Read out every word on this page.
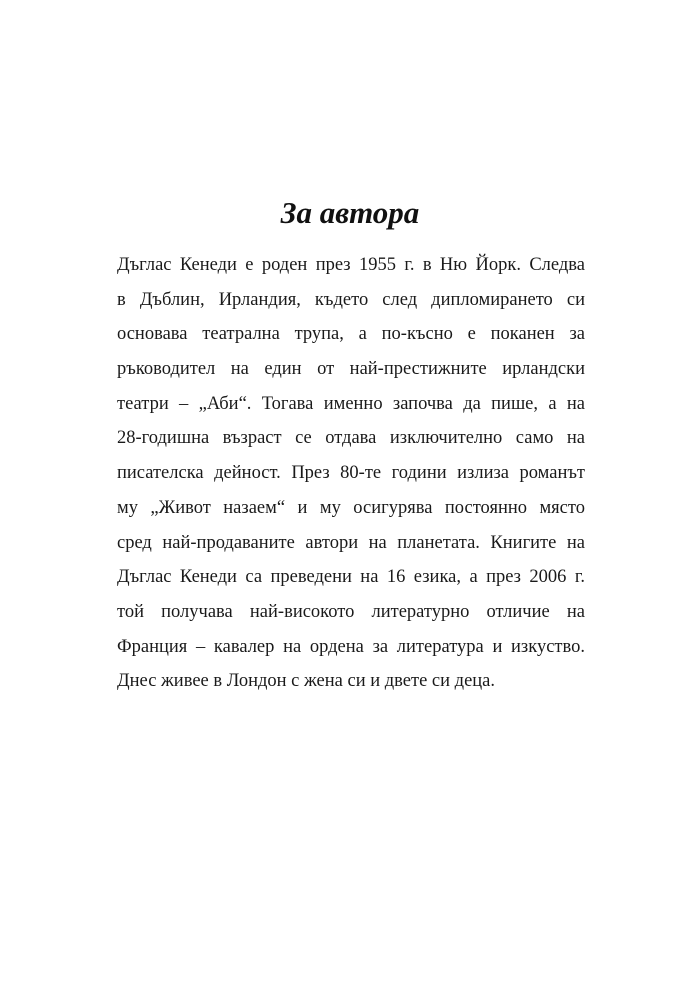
За автора
Дъглас Кенеди е роден през 1955 г. в Ню Йорк. Следва
в Дъблин, Ирландия, където след дипломирането си
основава театрална трупа, а по-късно е поканен за
ръководител на един от най-престижните ирландски
театри – „Аби“. Тогава именно започва да пише, а на
28-годишна възраст се отдава изключително само на
писателска дейност. През 80-те години излиза романът
му „Живот назаем“ и му осигурява постоянно място
сред най-продаваните автори на планетата. Книгите на
Дъглас Кенеди са преведени на 16 езика, а през 2006 г.
той получава най-високото литературно отличие на
Франция – кавалер на ордена за литература и изкуство.
Днес живее в Лондон с жена си и двете си деца.
